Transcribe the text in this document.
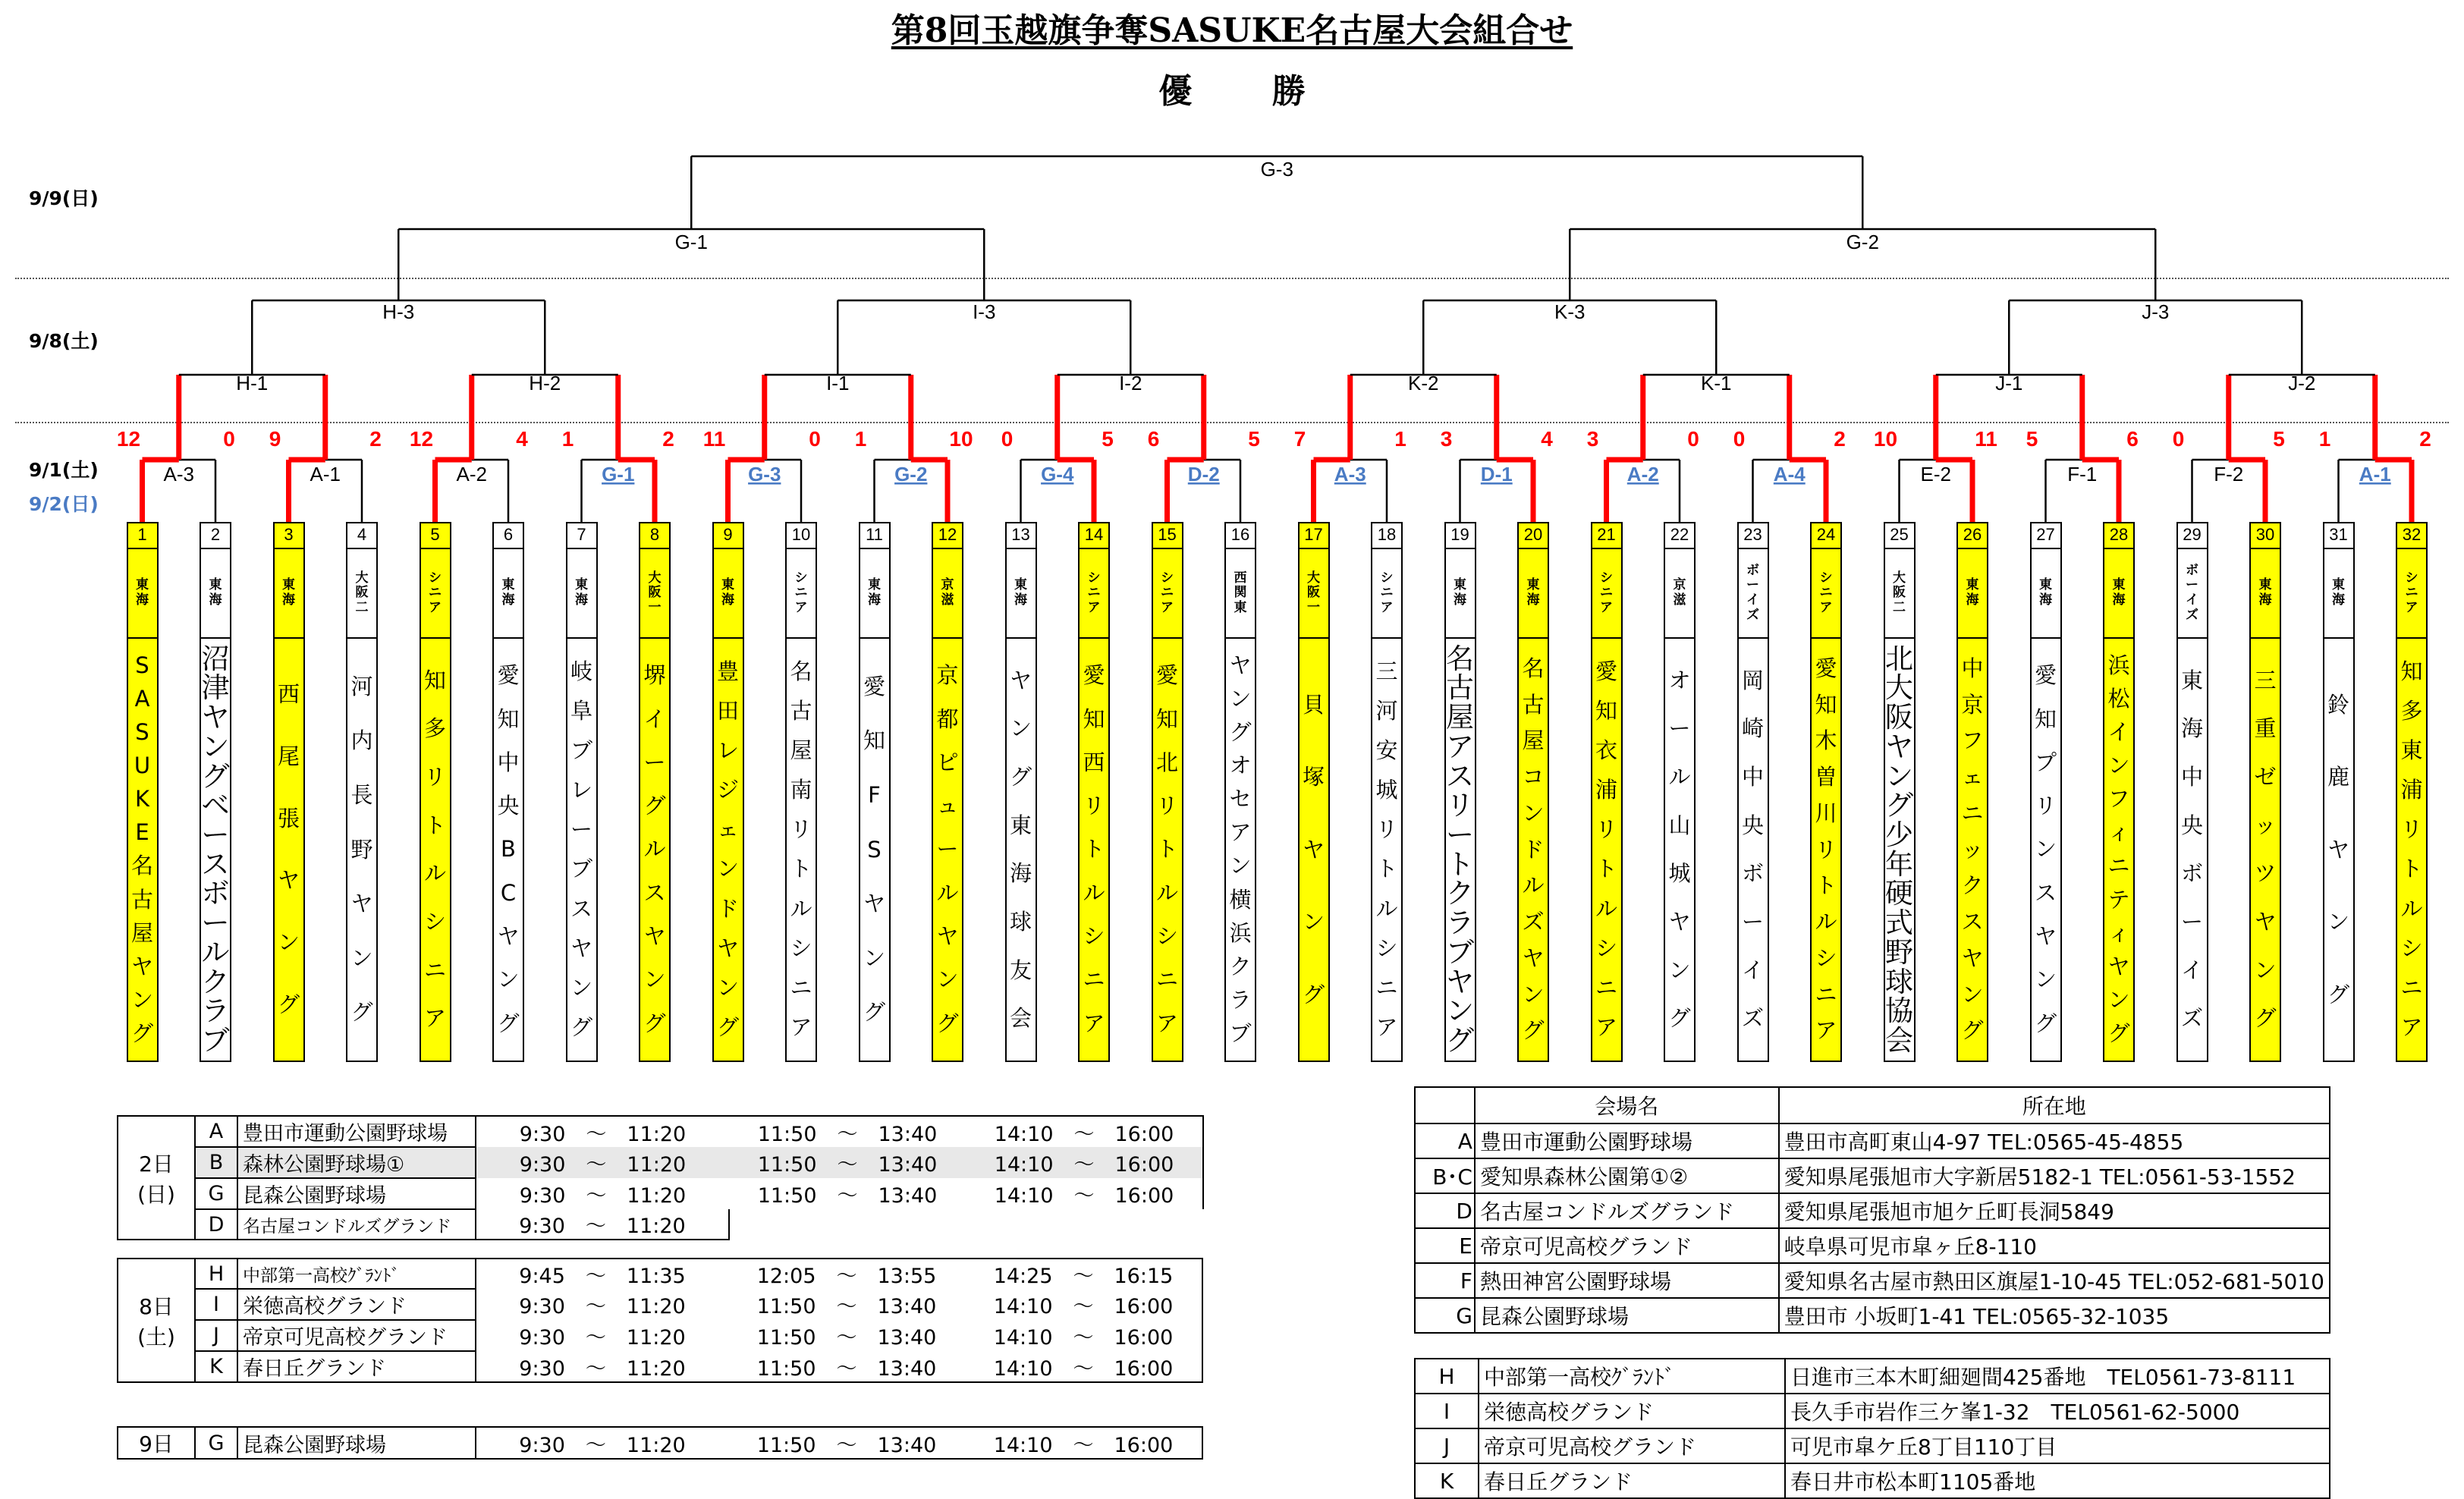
第8回玉越旗争奪SASUKE名古屋大会組合せ
優　勝
9/9(日)
9/8(土)
9/1(土)
9/2(日)
A-3	A-1	A-2	G-1	G-3	G-2	G-4	D-2	A-3	D-1	A-2	A-4	E-2	F-1	F-2	A-1
12	0 9	2 12	4 1	2 11	0 1	10 0	5 6	5 7	1 3	4 3	0 0	2 10	11 5	6 0	5 1	2
H-1	H-2	I-1	I-2	K-2	K-1	J-1	J-2
H-3	I-3	K-3	J-3
G-1	G-2
G-3
1
東
海
S
A
S
U
K
E
名
古
屋
ヤ
ン
グ
2
東
海
沼
津
ヤ
ン
グ
ベ
ー
ス
ボ
ー
ル
ク
ラ
ブ
3
東
海
西
尾
張
ヤ
ン
グ
4
大
阪
二
河
内
長
野
ヤ
ン
グ
5
シ
ニ
ア
知
多
リ
ト
ル
シ
ニ
ア
6
東
海
愛
知
中
央
B
C
ヤ
ン
グ
7
東
海
岐
阜
ブ
レ
ー
ブ
ス
ヤ
ン
グ
8
大
阪
一
堺
イ
ー
グ
ル
ス
ヤ
ン
グ
9
東
海
豊
田
レ
ジ
ェ
ン
ド
ヤ
ン
グ
10
シ
ニ
ア
名
古
屋
南
リ
ト
ル
シ
ニ
ア
11
東
海
愛
知
F
S
ヤ
ン
グ
12
京
滋
京
都
ピ
ュ
ー
ル
ヤ
ン
グ
13
東
海
ヤ
ン
グ
東
海
球
友
会
14
シ
ニ
ア
愛
知
西
リ
ト
ル
シ
ニ
ア
15
シ
ニ
ア
愛
知
北
リ
ト
ル
シ
ニ
ア
16
西
関
東
ヤ
ン
グ
オ
セ
ア
ン
横
浜
ク
ラ
ブ
17
大
阪
一
貝
塚
ヤ
ン
グ
18
シ
ニ
ア
三
河
安
城
リ
ト
ル
シ
ニ
ア
19
東
海
名
古
屋
ア
ス
リ
ー
ト
ク
ラ
ブ
ヤ
ン
グ
20
東
海
名
古
屋
コ
ン
ド
ル
ズ
ヤ
ン
グ
21
シ
ニ
ア
愛
知
衣
浦
リ
ト
ル
シ
ニ
ア
22
京
滋
オ
ー
ル
山
城
ヤ
ン
グ
23
ボ
ー
イ
ズ
岡
崎
中
央
ボ
ー
イ
ズ
24
シ
ニ
ア
愛
知
木
曽
川
リ
ト
ル
シ
ニ
ア
25
大
阪
二
北
大
阪
ヤ
ン
グ
少
年
硬
式
野
球
協
会
26
東
海
中
京
フ
ェ
ニ
ッ
ク
ス
ヤ
ン
グ
27
東
海
愛
知
プ
リ
ン
ス
ヤ
ン
グ
28
東
海
浜
松
イ
ン
フ
ィ
ニ
テ
ィ
ヤ
ン
グ
29
ボ
ー
イ
ズ
東
海
中
央
ボ
ー
イ
ズ
30
東
海
三
重
ゼ
ッ
ツ
ヤ
ン
グ
31
東
海
鈴
鹿
ヤ
ン
グ
32
シ
ニ
ア
知
多
東
浦
リ
ト
ル
シ
ニ
ア
2日
(日)	A	豊田市運動公園野球場	9:30　～　11:20	11:50　～　13:40	14:10　～　16:00
	B	森林公園野球場①	9:30　～　11:20	11:50　～　13:40	14:10　～　16:00
	G	昆森公園野球場	9:30　～　11:20	11:50　～　13:40	14:10　～　16:00
	D	名古屋コンドルズグランド	9:30　～　11:20		
8日
(土)	H	中部第一高校ｸﾞﾗﾝﾄﾞ	9:45　～　11:35	12:05　～　13:55	14:25　～　16:15
	I	栄徳高校グランド	9:30　～　11:20	11:50　～　13:40	14:10　～　16:00
	J	帝京可児高校グランド	9:30　～　11:20	11:50　～　13:40	14:10　～　16:00
	K	春日丘グランド	9:30　～　11:20	11:50　～　13:40	14:10　～　16:00
9日	G	昆森公園野球場	9:30　～　11:20	11:50　～　13:40	14:10　～　16:00
	会場名	所在地
A	豊田市運動公園野球場	豊田市高町東山4-97 TEL:0565-45-4855
B･C	愛知県森林公園第①②	愛知県尾張旭市大字新居5182-1 TEL:0561-53-1552
D	名古屋コンドルズグランド	愛知県尾張旭市旭ケ丘町長洞5849
E	帝京可児高校グランド	岐阜県可児市皐ヶ丘8-110
F	熱田神宮公園野球場	愛知県名古屋市熱田区旗屋1-10-45 TEL:052-681-5010
G	昆森公園野球場	豊田市 小坂町1-41 TEL:0565-32-1035
H	中部第一高校ｸﾞﾗﾝﾄﾞ	日進市三本木町細廻間425番地　TEL0561-73-8111
I	栄徳高校グランド	長久手市岩作三ケ峯1-32　TEL0561-62-5000
J	帝京可児高校グランド	可児市皐ケ丘8丁目110丁目
K	春日丘グランド	春日井市松本町1105番地
